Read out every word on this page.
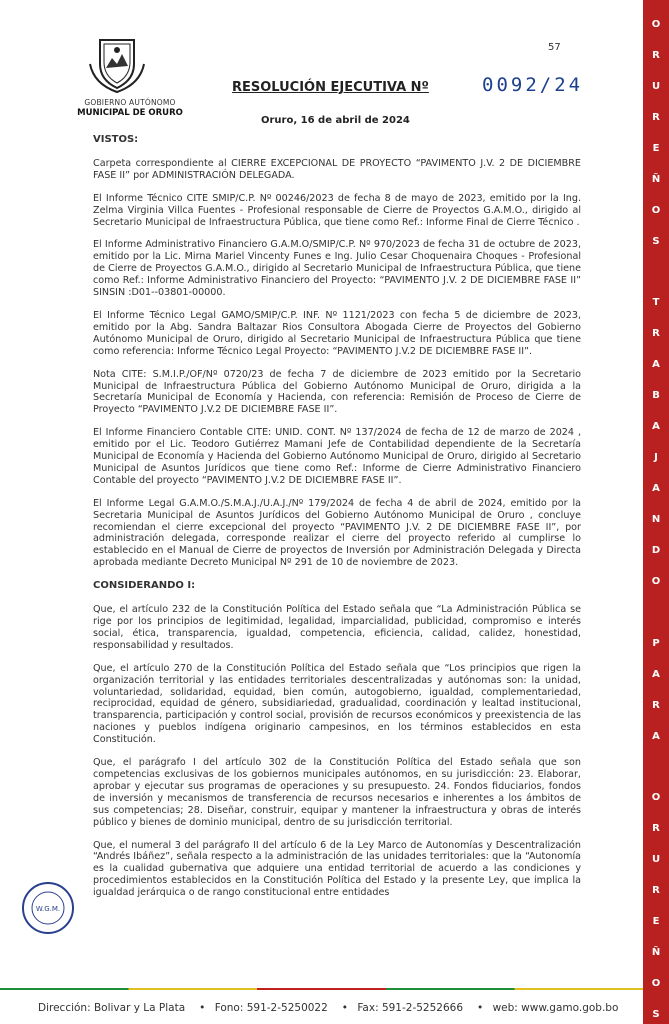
GOBIERNO AUTÓNOMO
MUNICIPAL DE ORURO
57
RESOLUCIÓN EJECUTIVA Nº	0092/24
Oruro, 16 de abril de 2024

VISTOS:

Carpeta correspondiente al CIERRE EXCEPCIONAL DE PROYECTO “PAVIMENTO J.V. 2 DE DICIEMBRE FASE II” por ADMINISTRACIÓN DELEGADA.

El Informe Técnico CITE SMIP/C.P. Nº 00246/2023 de fecha 8 de mayo de 2023, emitido por la Ing. Zelma Virginia Villca Fuentes - Profesional responsable de Cierre de Proyectos G.A.M.O., dirigido al Secretario Municipal de Infraestructura Pública, que tiene como Ref.: Informe Final de Cierre Técnico .

El Informe Administrativo Financiero G.A.M.O/SMIP/C.P. Nº 970/2023 de fecha 31 de octubre de 2023, emitido por la Lic. Mirna Mariel Vincenty Funes e Ing. Julio Cesar Choquenaira Choques - Profesional de Cierre de Proyectos G.A.M.O., dirigido al Secretario Municipal de Infraestructura Pública, que tiene como Ref.: Informe Administrativo Financiero del Proyecto: “PAVIMENTO J.V. 2 DE DICIEMBRE FASE II” SINSIN :D01--03801-00000.

El Informe Técnico Legal GAMO/SMIP/C.P. INF. Nº 1121/2023 con fecha 5 de diciembre de 2023, emitido por la Abg. Sandra Baltazar Rios Consultora Abogada Cierre de Proyectos del Gobierno Autónomo Municipal de Oruro, dirigido al Secretario Municipal de Infraestructura Pública que tiene como referencia: Informe Técnico Legal Proyecto: “PAVIMENTO J.V.2 DE DICIEMBRE FASE II”.

Nota CITE: S.M.I.P./OF/Nº 0720/23 de fecha 7 de diciembre de 2023 emitido por la Secretario Municipal de Infraestructura Pública del Gobierno Autónomo Municipal de Oruro, dirigida a la Secretaría Municipal de Economía y Hacienda, con referencia: Remisión de Proceso de Cierre de Proyecto “PAVIMENTO J.V.2 DE DICIEMBRE FASE II”.

El Informe Financiero Contable CITE: UNID. CONT. Nº 137/2024 de fecha de 12 de marzo de 2024 , emitido por el Lic. Teodoro Gutiérrez Mamani Jefe de Contabilidad dependiente de la Secretaría Municipal de Economía y Hacienda del Gobierno Autónomo Municipal de Oruro, dirigido al Secretario Municipal de Asuntos Jurídicos que tiene como Ref.: Informe de Cierre Administrativo Financiero Contable del proyecto “PAVIMENTO J.V.2 DE DICIEMBRE FASE II”.

El Informe Legal G.A.M.O./S.M.A.J./U.A.J./Nº 179/2024 de fecha 4 de abril de 2024, emitido por la Secretaria Municipal de Asuntos Jurídicos del Gobierno Autónomo Municipal de Oruro , concluye recomiendan el cierre excepcional del proyecto “PAVIMENTO J.V. 2 DE DICIEMBRE FASE II”, por administración delegada, corresponde realizar el cierre del proyecto referido al cumplirse lo establecido en el Manual de Cierre de proyectos de Inversión por Administración Delegada y Directa aprobada mediante Decreto Municipal Nº 291 de 10 de noviembre de 2023.

CONSIDERANDO I:

Que, el artículo 232 de la Constitución Política del Estado señala que “La Administración Pública se rige por los principios de legitimidad, legalidad, imparcialidad, publicidad, compromiso e interés social, ética, transparencia, igualdad, competencia, eficiencia, calidad, calidez, honestidad, responsabilidad y resultados.

Que, el artículo 270 de la Constitución Política del Estado señala que “Los principios que rigen la organización territorial y las entidades territoriales descentralizadas y autónomas son: la unidad, voluntariedad, solidaridad, equidad, bien común, autogobierno, igualdad, complementariedad, reciprocidad, equidad de género, subsidiariedad, gradualidad, coordinación y lealtad institucional, transparencia, participación y control social, provisión de recursos económicos y preexistencia de las naciones y pueblos indígena originario campesinos, en los términos establecidos en esta Constitución.

Que, el parágrafo I del artículo 302 de la Constitución Política del Estado señala que son competencias exclusivas de los gobiernos municipales autónomos, en su jurisdicción: 23. Elaborar, aprobar y ejecutar sus programas de operaciones y su presupuesto. 24. Fondos fiduciarios, fondos de inversión y mecanismos de transferencia de recursos necesarios e inherentes a los ámbitos de sus competencias; 28. Diseñar, construir, equipar y mantener la infraestructura y obras de interés público y bienes de dominio municipal, dentro de su jurisdicción territorial.

Que, el numeral 3 del parágrafo II del artículo 6 de la Ley Marco de Autonomías y Descentralización “Andrés Ibáñez”, señala respecto a la administración de las unidades territoriales: que la “Autonomía es la cualidad gubernativa que adquiere una entidad territorial de acuerdo a las condiciones y procedimientos establecidos en la Constitución Política del Estado y la presente Ley, que implica la igualdad jerárquica o de rango constitucional entre entidades

W.G.M.
O
R
U
R
E
Ñ
O
S

T
R
A
B
A
J
A
N
D
O

P
A
R
A

O
R
U
R
E
Ñ
O
S
Dirección: Bolivar y La Plata • Fono: 591-2-5250022 • Fax: 591-2-5252666 • web: www.gamo.gob.bo
